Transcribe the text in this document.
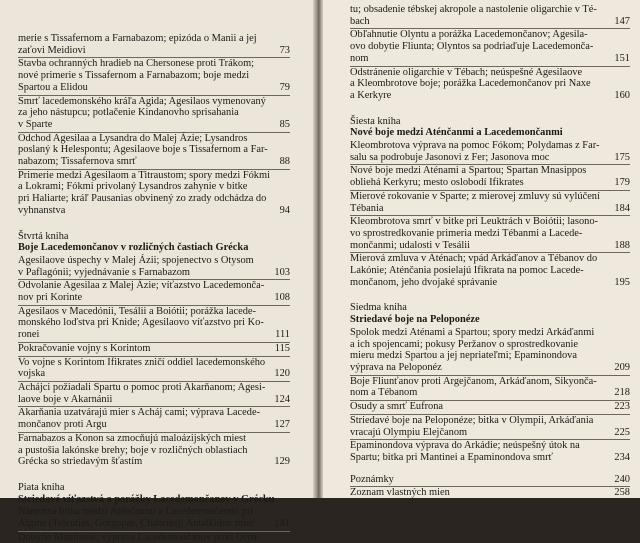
merie s Tissafernom a Farnabazom; epizóda o Manii a jej
zaťovi Meidiovi	73
Stavba ochranných hradieb na Chersonese proti Trákom;
nové primerie s Tissafernom a Farnabazom; boje medzi
Spartou a Elidou	79
Smrť lacedemonského kráľa Agida; Agesilaos vymenovaný
za jeho nástupcu; potlačenie Kindanovho sprisahania
v Sparte	85
Odchod Agesilaa a Lysandra do Malej Ázie; Lysandros
poslaný k Helespontu; Agesilaove boje s Tissafernom a Far-
nabazom; Tissafernova smrť	88
Primerie medzi Agesilaom a Titraustom; spory medzi Fókmi
a Lokrami; Fókmi privolaný Lysandros zahynie v bitke
pri Haliarte; kráľ Pausanias obvinený zo zrady odchádza do
vyhnanstva	94
Štvrtá kniha
Boje Lacedemončanov v rozličných častiach Grécka
Agesilaove úspechy v Malej Ázii; spojenectvo s Otysom
v Paflagónii; vyjednávanie s Farnabazom	103
Odvolanie Agesilaa z Malej Ázie; víťazstvo Lacedemonča-
nov pri Korinte	108
Agesilaos v Macedónii, Tesálii a Boiótii; porážka lacede-
monského loďstva pri Knide; Agesilaovo víťazstvo pri Ko-
ronei	111
Pokračovanie vojny s Korintom	115
Vo vojne s Korintom Ifikrates zničí oddiel lacedemonského
vojska	120
Achájci požiadali Spartu o pomoc proti Akarňanom; Agesi-
laove boje v Akarnánii	124
Akarňania uzatvárajú mier s Acháj cami; výprava Lacede-
mončanov proti Argu	127
Farnabazos a Konon sa zmocňujú maloázijských miest
a pustošia lakónske brehy; boje v rozličných oblastiach
Grécka so striedavým šťastím	129
Piata kniha
Striedavé víťazstvá a porážky Lacedemončanov v Grécku
Námorná bitka medzi Aténčanmi a Lacedemončanmi pri
Aigine (Teleutias, Gorgopas, Chabrias); Antalkidov mier	141
Dobytie Mantineie; výprava Lacedemončanov proti Olyn-
tu; obsadenie tébskej akropole a nastolenie oligarchie v Té-
bach	147
Obľahnutie Olyntu a porážka Lacedemončanov; Agesila-
ovo dobytie Fliunta; Olyntos sa podriaďuje Lacedemonča-
nom	151
Odstránenie oligarchie v Tébach; neúspešné Agesilaove
a Kleombrotove boje; porážka Lacedemončanov pri Naxe
a Kerkyre	160
Šiesta kniha
Nové boje medzi Aténčanmi a Lacedemončanmi
Kleombrotova výprava na pomoc Fókom; Polydamas z Far-
salu sa podrobuje Jasonovi z Fer; Jasonova moc	175
Nové boje medzi Aténami a Spartou; Spartan Mnasippos
obliehá Kerkyru; mesto oslobodí Ifikrates	179
Mierové rokovanie v Sparte; z mierovej zmluvy sú vylúčení
Tébania	184
Kleombrotova smrť v bitke pri Leuktrách v Boiótii; lasono-
vo sprostredkovanie primeria medzi Tébanmi a Lacede-
mončanmi; udalosti v Tesálii	188
Mierová zmluva v Aténach; vpád Arkáďanov a Tébanov do
Lakónie; Aténčania posielajú Ifikrata na pomoc Lacede-
mončanom, jeho dvojaké správanie	195
Siedma kniha
Striedavé boje na Peloponéze
Spolok medzi Aténami a Spartou; spory medzi Arkáďanmi
a ich spojencami; pokusy Peržanov o sprostredkovanie
mieru medzi Spartou a jej nepriateľmi; Epaminondova
výprava na Peloponéz	209
Boje Fliunťanov proti Argejčanom, Arkáďanom, Sikyonča-
nom a Tébanom	218
Osudy a smrť Eufrona	223
Striedavé boje na Peloponéze; bitka v Olympii, Arkáďania
vracajú Olympiu Elejčanom	225
Epaminondova výprava do Arkádie; neúspešný útok na
Spartu; bitka pri Mantinei a Epaminondova smrť	234
Poznámky	240
Zoznam vlastných mien	258
